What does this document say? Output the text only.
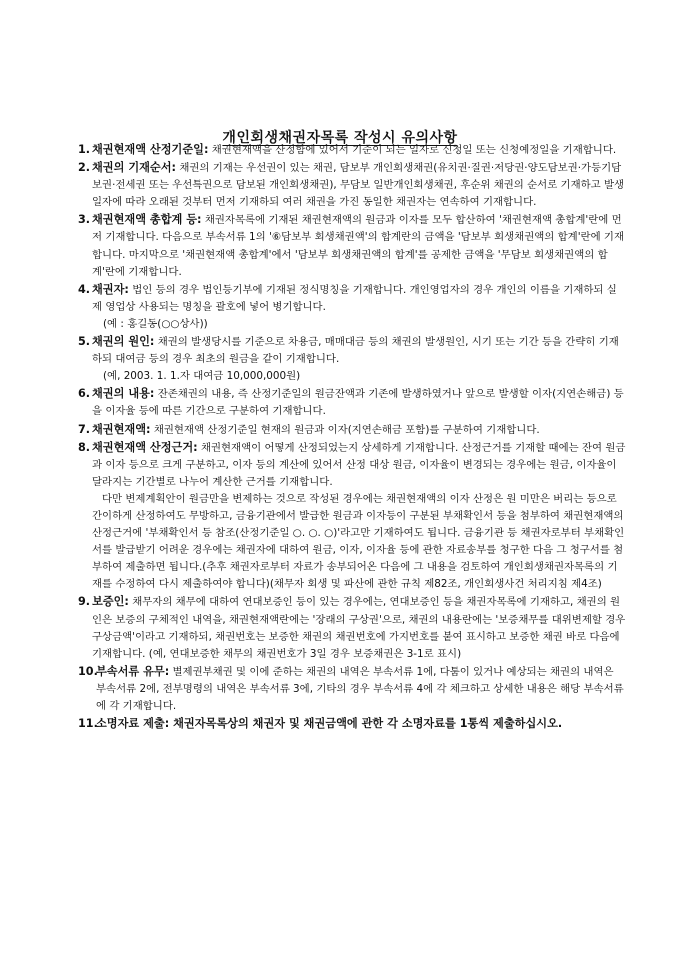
개인회생채권자목록 작성시 유의사항

1. 채권현재액 산정기준일: 채권현재액을 산정함에 있어서 기준이 되는 일자로 신청일 또는 신청예정일을 기재합니다.

2. 채권의 기재순서: 채권의 기재는 우선권이 있는 채권, 담보부 개인회생채권(유치권·질권·저당권·양도담보권·가등기담보권·전세권 또는 우선특권으로 담보된 개인회생채권), 무담보 일반개인회생채권, 후순위 채권의 순서로 기재하고 발생일자에 따라 오래된 것부터 먼저 기재하되 여러 채권을 가진 동일한 채권자는 연속하여 기재합니다.

3. 채권현재액 총합계 등: 채권자목록에 기재된 채권현재액의 원금과 이자를 모두 합산하여 '채권현재액 총합계'란에 먼저 기재합니다. 다음으로 부속서류 1의 '⑥담보부 회생채권액'의 합계란의 금액을 '담보부 회생채권액의 합계'란에 기재합니다. 마지막으로 '채권현재액 총합계'에서 '담보부 회생채권액의 합계'를 공제한 금액을 '무담보 회생채권액의 합계'란에 기재합니다.

4. 채권자: 법인 등의 경우 법인등기부에 기재된 정식명칭을 기재합니다. 개인영업자의 경우 개인의 이름을 기재하되 실제 영업상 사용되는 명칭을 괄호에 넣어 병기합니다.

(예 : 홍길동(○○상사))

5. 채권의 원인: 채권의 발생당시를 기준으로 차용금, 매매대금 등의 채권의 발생원인, 시기 또는 기간 등을 간략히 기재하되 대여금 등의 경우 최초의 원금을 같이 기재합니다.

(예, 2003. 1. 1.자 대여금 10,000,000원)

6. 채권의 내용: 잔존채권의 내용, 즉 산정기준일의 원금잔액과 기존에 발생하였거나 앞으로 발생할 이자(지연손해금) 등을 이자율 등에 따른 기간으로 구분하여 기재합니다.

7. 채권현재액: 채권현재액 산정기준일 현재의 원금과 이자(지연손해금 포함)를 구분하여 기재합니다.

8. 채권현재액 산정근거: 채권현재액이 어떻게 산정되었는지 상세하게 기재합니다. 산정근거를 기재할 때에는 잔여 원금과 이자 등으로 크게 구분하고, 이자 등의 계산에 있어서 산정 대상 원금, 이자율이 변경되는 경우에는 원금, 이자율이 달라지는 기간별로 나누어 계산한 근거를 기재합니다.

다만 변제계획안이 원금만을 변제하는 것으로 작성된 경우에는 채권현재액의 이자 산정은 원 미만은 버리는 등으로 간이하게 산정하여도 무방하고, 금융기관에서 발급한 원금과 이자등이 구분된 부채확인서 등을 첨부하여 채권현재액의 산정근거에 '부채확인서 등 참조(산정기준일 ○. ○. ○)'라고만 기재하여도 됩니다. 금융기관 등 채권자로부터 부채확인서를 발급받기 어려운 경우에는 채권자에 대하여 원금, 이자, 이자율 등에 관한 자료송부를 청구한 다음 그 청구서를 첨부하여 제출하면 됩니다.(추후 채권자로부터 자료가 송부되어온 다음에 그 내용을 검토하여 개인회생채권자목록의 기재를 수정하여 다시 제출하여야 합니다)(채무자 회생 및 파산에 관한 규칙 제82조, 개인회생사건 처리지침 제4조)

9. 보증인: 채무자의 채무에 대하여 연대보증인 등이 있는 경우에는, 연대보증인 등을 채권자목록에 기재하고, 채권의 원인은 보증의 구체적인 내역을, 채권현재액란에는 '장래의 구상권'으로, 채권의 내용란에는 '보증채무를 대위변제할 경우 구상금액'이라고 기재하되, 채권번호는 보증한 채권의 채권번호에 가지번호를 붙여 표시하고 보증한 채권 바로 다음에 기재합니다. (예, 연대보증한 채무의 채권번호가 3일 경우 보증채권은 3-1로 표시)

10.
부속서류 유무: 별제권부채권 및 이에 준하는 채권의 내역은 부속서류 1에, 다툼이 있거나 예상되는 채권의 내역은 부속서류 2에, 전부명령의 내역은 부속서류 3에, 기타의 경우 부속서류 4에 각 체크하고 상세한 내용은 해당 부속서류에 각 기재합니다.

11.
소명자료 제출: 채권자목록상의 채권자 및 채권금액에 관한 각 소명자료를 1통씩 제출하십시오.
